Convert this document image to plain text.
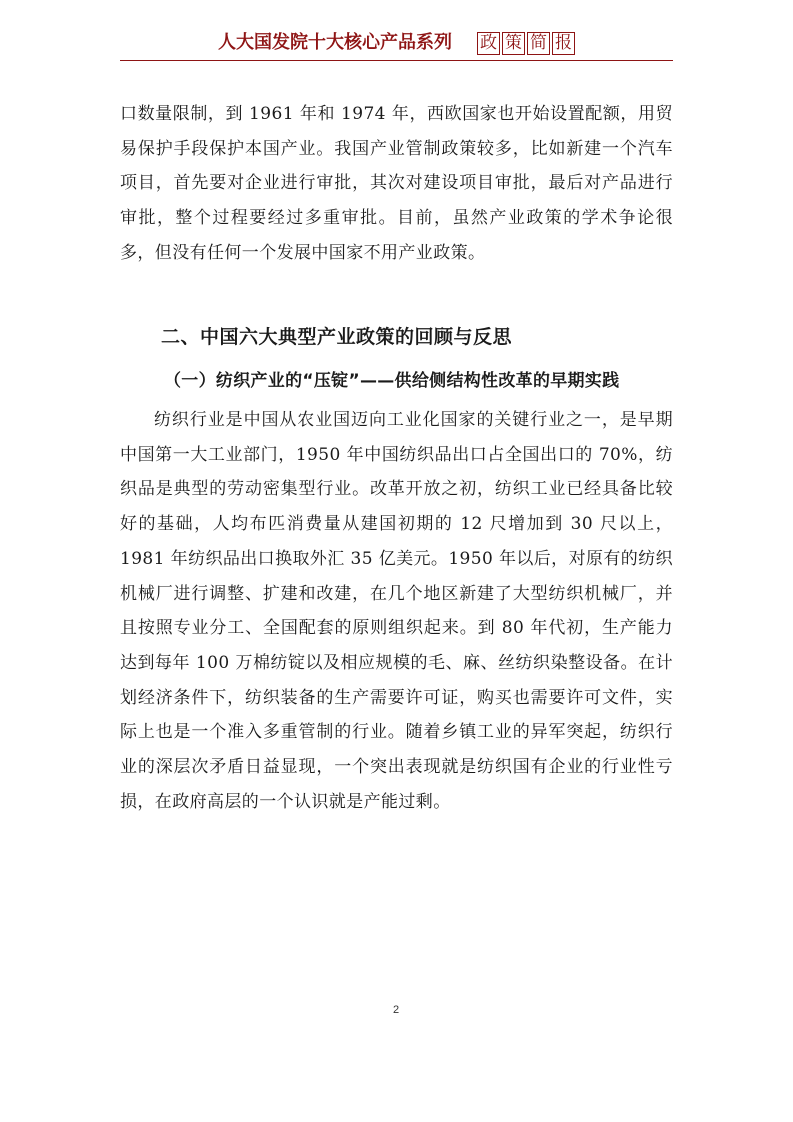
人大国发院十大核心产品系列 政 策 简 报

口数量限制，到 1961 年和 1974 年，西欧国家也开始设置配额，用贸易保护手段保护本国产业。我国产业管制政策较多，比如新建一个汽车项目，首先要对企业进行审批，其次对建设项目审批，最后对产品进行审批，整个过程要经过多重审批。目前，虽然产业政策的学术争论很多，但没有任何一个发展中国家不用产业政策。

二、中国六大典型产业政策的回顾与反思
（一）纺织产业的“压锭”——供给侧结构性改革的早期实践

纺织行业是中国从农业国迈向工业化国家的关键行业之一，是早期中国第一大工业部门，1950 年中国纺织品出口占全国出口的 70%，纺织品是典型的劳动密集型行业。改革开放之初，纺织工业已经具备比较好的基础，人均布匹消费量从建国初期的 12 尺增加到 30 尺以上，1981 年纺织品出口换取外汇 35 亿美元。1950 年以后，对原有的纺织机械厂进行调整、扩建和改建，在几个地区新建了大型纺织机械厂，并且按照专业分工、全国配套的原则组织起来。到 80 年代初，生产能力达到每年 100 万棉纺锭以及相应规模的毛、麻、丝纺织染整设备。在计划经济条件下，纺织装备的生产需要许可证，购买也需要许可文件，实际上也是一个准入多重管制的行业。随着乡镇工业的异军突起，纺织行业的深层次矛盾日益显现，一个突出表现就是纺织国有企业的行业性亏损，在政府高层的一个认识就是产能过剩。

2
